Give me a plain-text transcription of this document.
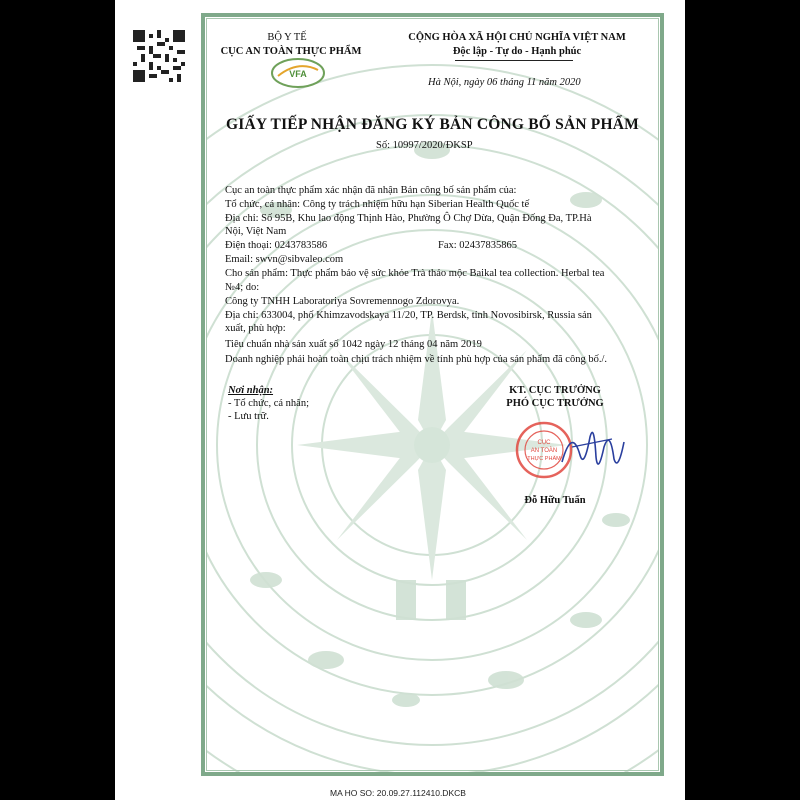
BỘ Y TẾ
CỤC AN TOÀN THỰC PHẨM
VFA
CỘNG HÒA XÃ HỘI CHỦ NGHĨA VIỆT NAM
Độc lập - Tự do - Hạnh phúc
Hà Nội, ngày 06 tháng 11 năm 2020
GIẤY TIẾP NHẬN ĐĂNG KÝ BẢN CÔNG BỐ SẢN PHẨM
Số: 10997/2020/ĐKSP
Cục an toàn thực phẩm xác nhận đã nhận Bản công bố sản phẩm của:
Tổ chức, cá nhân: Công ty trách nhiệm hữu hạn Siberian Health Quốc tế
Địa chỉ: Số 95B, Khu lao động Thịnh Hào, Phường Ô Chợ Dừa, Quận Đống Đa, TP.Hà
Nội, Việt Nam
Điện thoại: 0243783586	Fax: 02437835865
Email: swvn@sibvaleo.com
Cho sản phẩm: Thực phẩm bảo vệ sức khỏe Trà thảo mộc Baikal tea collection. Herbal tea
№4; do:
Công ty TNHH Laboratoriya Sovremennogo Zdorovya.
Địa chỉ: 633004, phố Khimzavodskaya 11/20, TP. Berdsk, tỉnh Novosibirsk, Russia sản
xuất, phù hợp:
Tiêu chuẩn nhà sản xuất số 1042 ngày 12 tháng 04 năm 2019
Doanh nghiệp phải hoàn toàn chịu trách nhiệm về tính phù hợp của sản phẩm đã công bố./.
Nơi nhận:
- Tổ chức, cá nhân;
- Lưu trữ.
KT. CỤC TRƯỞNG
PHÓ CỤC TRƯỞNG
CỤC
AN TOÀN
THỰC PHẨM
Đỗ Hữu Tuấn
MA HO SO: 20.09.27.112410.DKCB
